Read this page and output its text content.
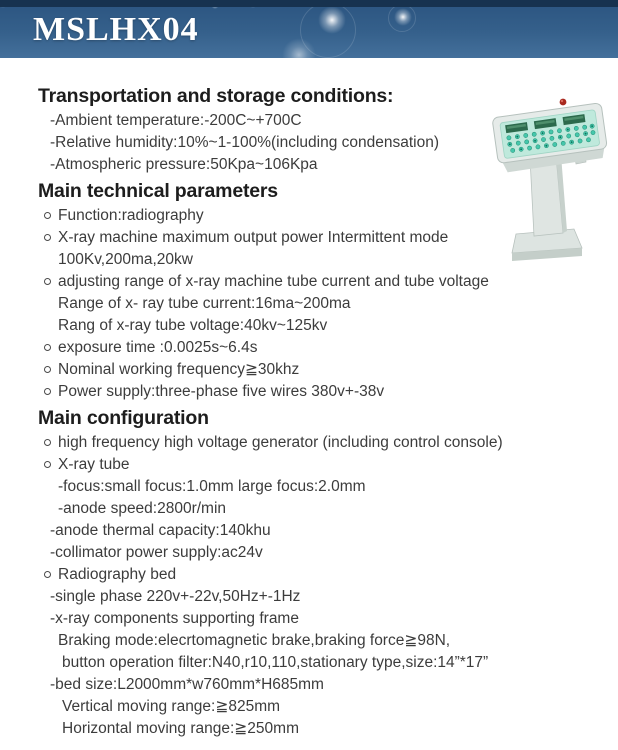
MSLHX04
Transportation and storage conditions:
-Ambient temperature:-200C~+700C
-Relative humidity:10%~1-100%(including condensation)
-Atmospheric pressure:50Kpa~106Kpa
Main technical parameters
Function:radiography
X-ray machine maximum output power Intermittent mode
100Kv,200ma,20kw
adjusting range of x-ray machine tube current and tube voltage
Range of x- ray tube current:16ma~200ma
Rang of x-ray tube voltage:40kv~125kv
exposure time :0.0025s~6.4s
Nominal working frequency≧30khz
Power supply:three-phase five wires 380v+-38v
Main configuration
high frequency high voltage generator (including control console)
X-ray tube
-focus:small focus:1.0mm large focus:2.0mm
-anode speed:2800r/min
-anode thermal capacity:140khu
-collimator power supply:ac24v
Radiography bed
-single phase 220v+-22v,50Hz+-1Hz
-x-ray components supporting frame
Braking mode:elecrtomagnetic brake,braking force≧98N,
button operation filter:N40,r10,110,stationary type,size:14”*17”
-bed size:L2000mm*w760mm*H685mm
Vertical moving range:≧825mm
Horizontal moving range:≧250mm
